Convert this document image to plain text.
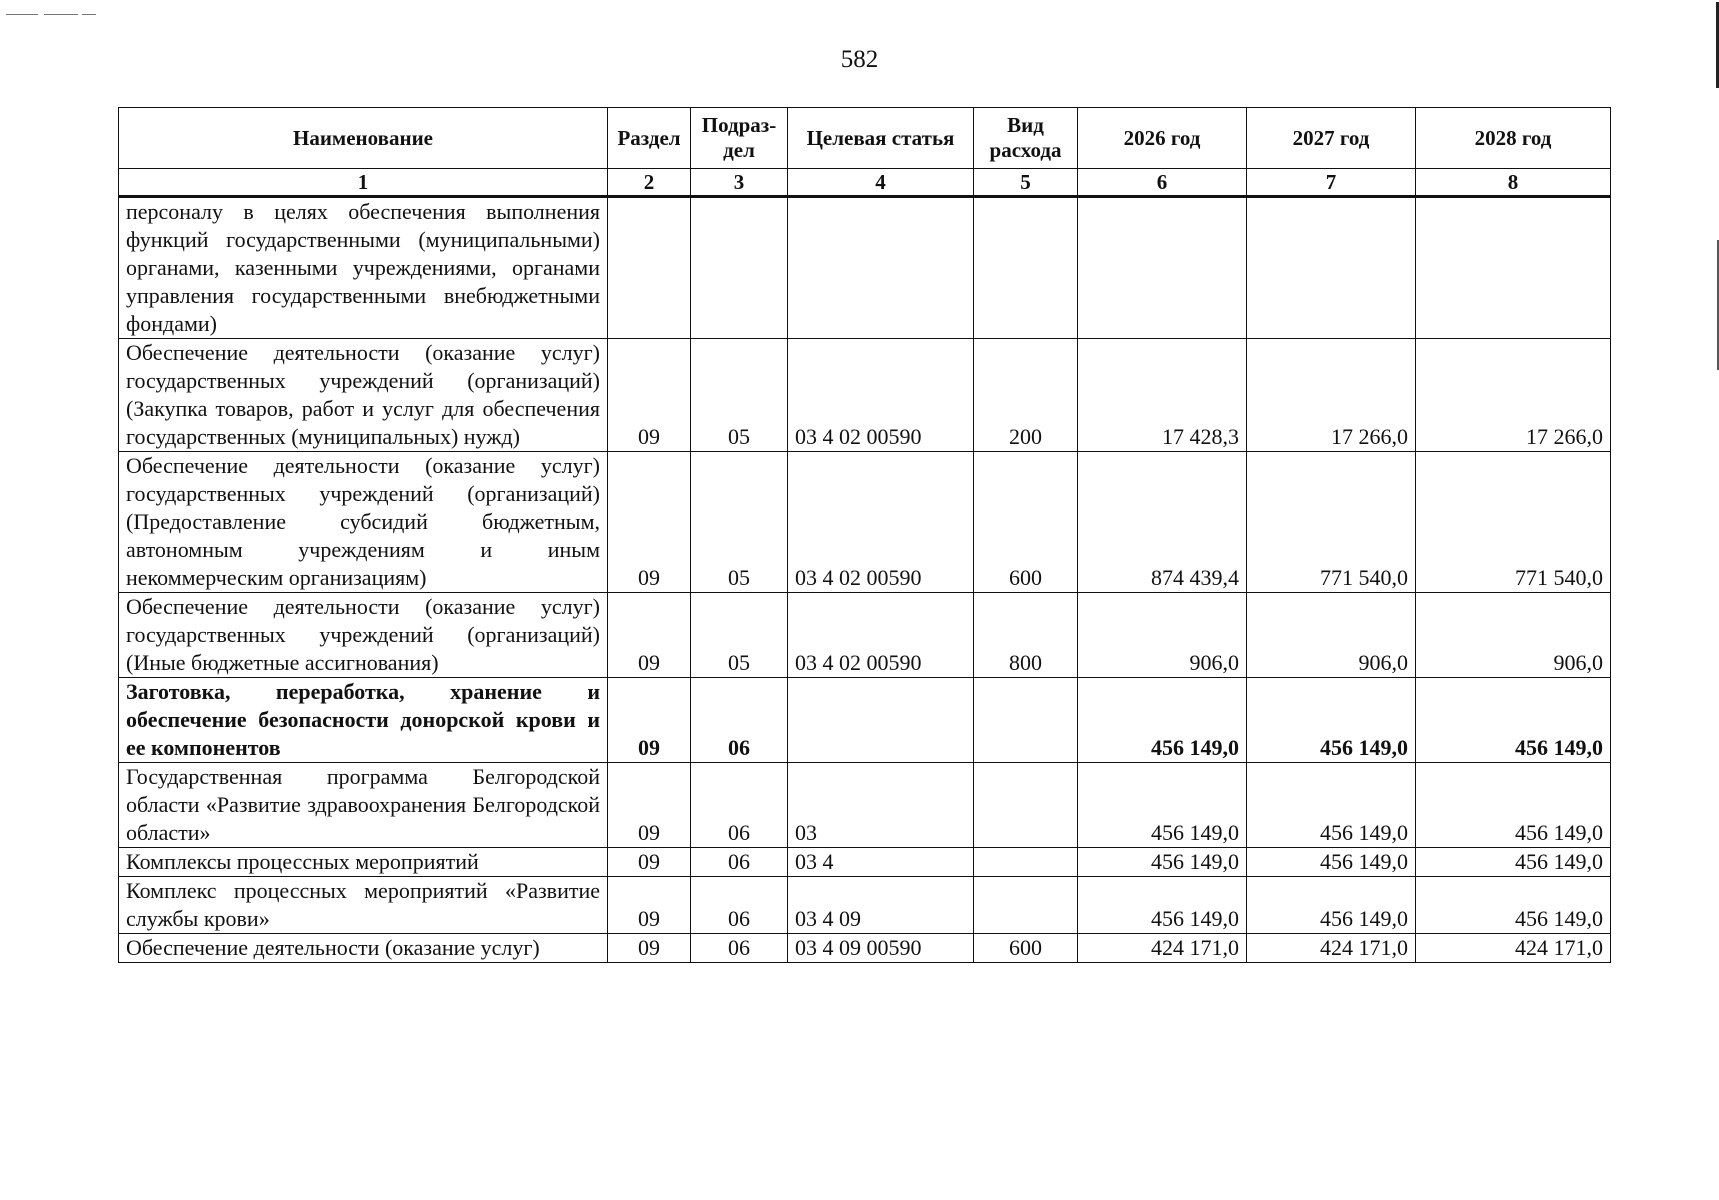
582
Наименование	Раздел	Подраз-дел	Целевая статья	Вид расхода	2026 год	2027 год	2028 год
1	2	3	4	5	6	7	8
персоналу в целях обеспечения выполнения функций государственными (муниципальными) органами, казенными учреждениями, органами управления государственными внебюджетными фондами)							
Обеспечение деятельности (оказание услуг) государственных учреждений (организаций) (Закупка товаров, работ и услуг для обеспечения государственных (муниципальных) нужд)	09	05	03 4 02 00590	200	17 428,3	17 266,0	17 266,0
Обеспечение деятельности (оказание услуг) государственных учреждений (организаций) (Предоставление субсидий бюджетным, автономным учреждениям и иным некоммерческим организациям)	09	05	03 4 02 00590	600	874 439,4	771 540,0	771 540,0
Обеспечение деятельности (оказание услуг) государственных учреждений (организаций) (Иные бюджетные ассигнования)	09	05	03 4 02 00590	800	906,0	906,0	906,0
Заготовка, переработка, хранение и обеспечение безопасности донорской крови и ее компонентов	09	06			456 149,0	456 149,0	456 149,0
Государственная программа Белгородской области «Развитие здравоохранения Белгородской области»	09	06	03		456 149,0	456 149,0	456 149,0
Комплексы процессных мероприятий	09	06	03 4		456 149,0	456 149,0	456 149,0
Комплекс процессных мероприятий «Развитие службы крови»	09	06	03 4 09		456 149,0	456 149,0	456 149,0
Обеспечение деятельности (оказание услуг)	09	06	03 4 09 00590	600	424 171,0	424 171,0	424 171,0
